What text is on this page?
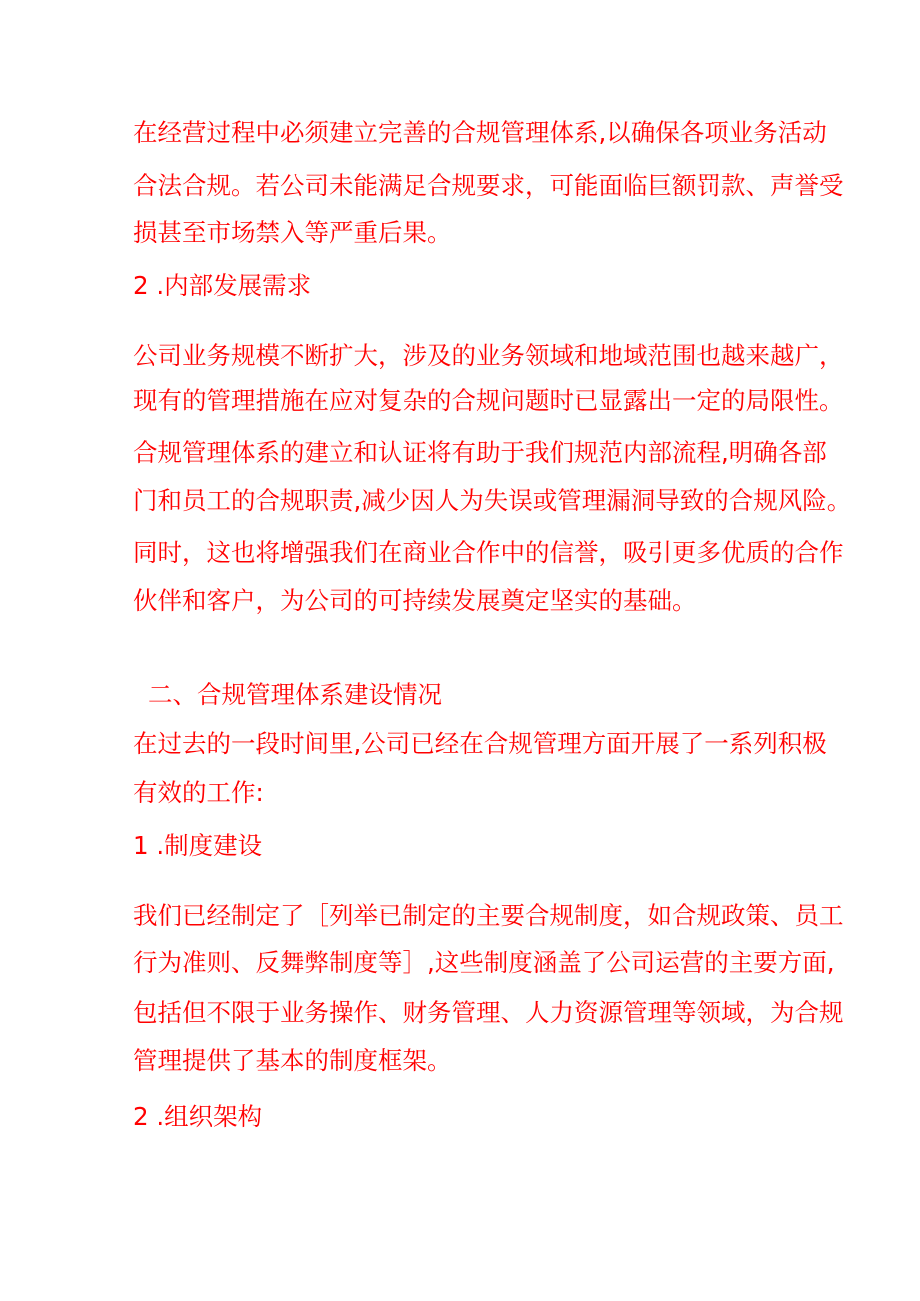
在经营过程中必须建立完善的合规管理体系,以确保各项业务活动

合法合规。若公司未能满足合规要求，可能面临巨额罚款、声誉受

损甚至市场禁入等严重后果。

2 .内部发展需求

公司业务规模不断扩大，涉及的业务领域和地域范围也越来越广，

现有的管理措施在应对复杂的合规问题时已显露出一定的局限性。

合规管理体系的建立和认证将有助于我们规范内部流程,明确各部

门和员工的合规职责,减少因人为失误或管理漏洞导致的合规风险。

同时，这也将增强我们在商业合作中的信誉，吸引更多优质的合作

伙伴和客户，为公司的可持续发展奠定坚实的基础。

二、合规管理体系建设情况

在过去的一段时间里,公司已经在合规管理方面开展了一系列积极

有效的工作:

1 .制度建设

我们已经制定了［列举已制定的主要合规制度，如合规政策、员工

行为准则、反舞弊制度等］,这些制度涵盖了公司运营的主要方面,

包括但不限于业务操作、财务管理、人力资源管理等领域，为合规

管理提供了基本的制度框架。

2 .组织架构
